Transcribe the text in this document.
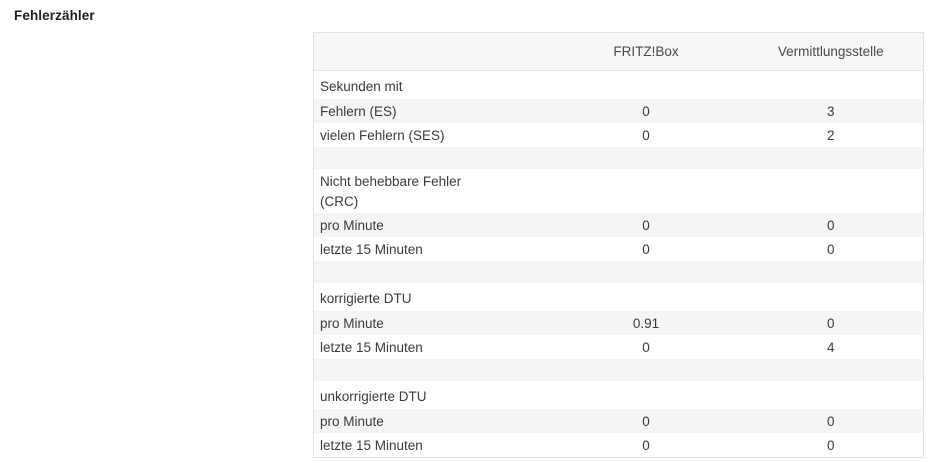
Fehlerzähler
	FRITZ!Box	Vermittlungsstelle
Sekunden mit		
Fehlern (ES)	0	3
vielen Fehlern (SES)	0	2

Nicht behebbare Fehler
(CRC)		

pro Minute	0	0
letzte 15 Minuten	0	0

korrigierte DTU		
pro Minute	0.91	0
letzte 15 Minuten	0	4

unkorrigierte DTU		
pro Minute	0	0
letzte 15 Minuten	0	0
